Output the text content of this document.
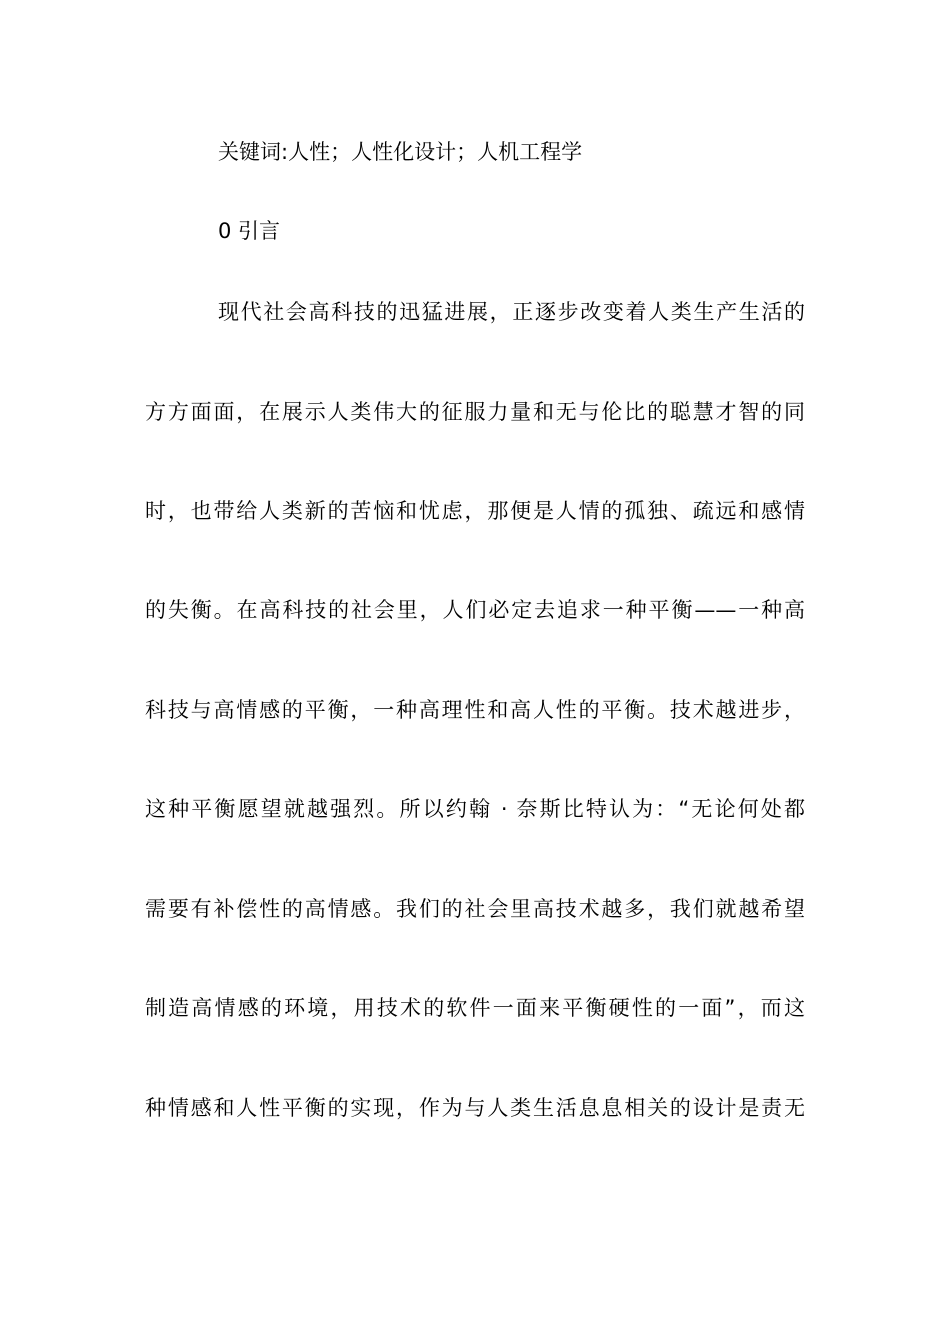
关键词:人性；人性化设计；人机工程学
0 引言
现代社会高科技的迅猛进展，正逐步改变着人类生产生活的
方方面面，在展示人类伟大的征服力量和无与伦比的聪慧才智的同
时，也带给人类新的苦恼和忧虑，那便是人情的孤独、疏远和感情
的失衡。在高科技的社会里，人们必定去追求一种平衡——一种高
科技与高情感的平衡，一种高理性和高人性的平衡。技术越进步，
这种平衡愿望就越强烈。所以约翰 · 奈斯比特认为：“无论何处都
需要有补偿性的高情感。我们的社会里高技术越多，我们就越希望
制造高情感的环境，用技术的软件一面来平衡硬性的一面”，而这
种情感和人性平衡的实现，作为与人类生活息息相关的设计是责无
